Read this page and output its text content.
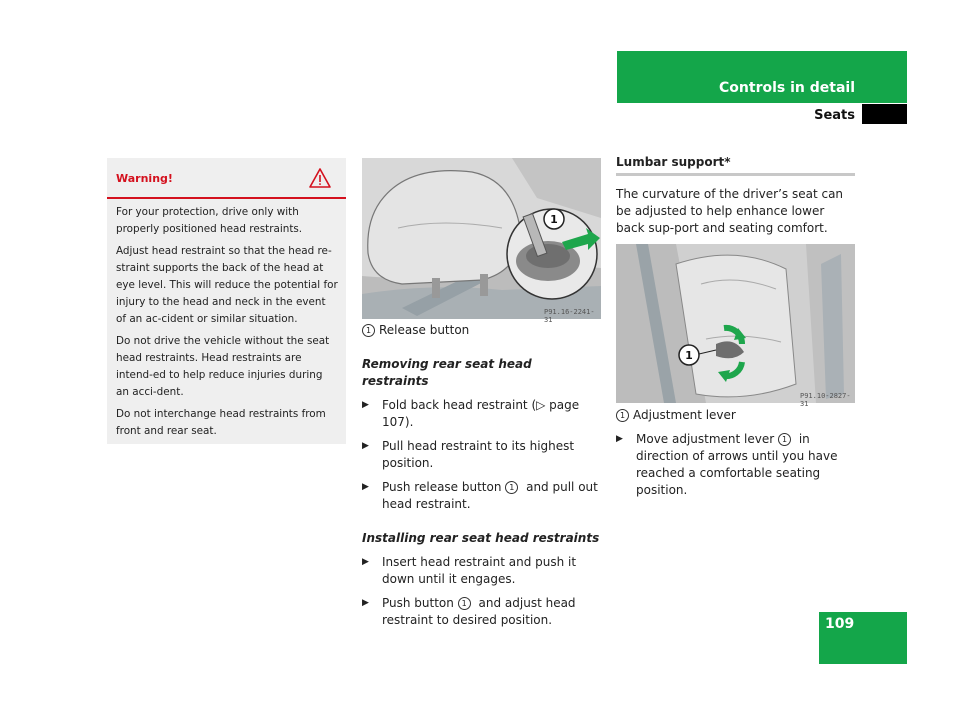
Controls in detail
Seats
Warning!

For your protection, drive only with properly positioned head restraints.

Adjust head restraint so that the head re-straint supports the back of the head at eye level. This will reduce the potential for injury to the head and neck in the event of an ac-cident or similar situation.

Do not drive the vehicle without the seat head restraints. Head restraints are intend-ed to help reduce injuries during an acci-dent.

Do not interchange head restraints from front and rear seat.

1
P91.16-2241-31

1 Release button

Removing rear seat head restraints

▶	Fold back head restraint (▷ page 107).
▶	Pull head restraint to its highest position.
▶	Push release button 1 and pull out head restraint.

Installing rear seat head restraints

▶	Insert head restraint and push it down until it engages.
▶	Push button 1 and adjust head restraint to desired position.
Lumbar support*

The curvature of the driver’s seat can be adjusted to help enhance lower back sup-port and seating comfort.

1
P91.10-2827-31

1 Adjustment lever

▶	Move adjustment lever 1 in direction of arrows until you have reached a comfortable seating position.
109
